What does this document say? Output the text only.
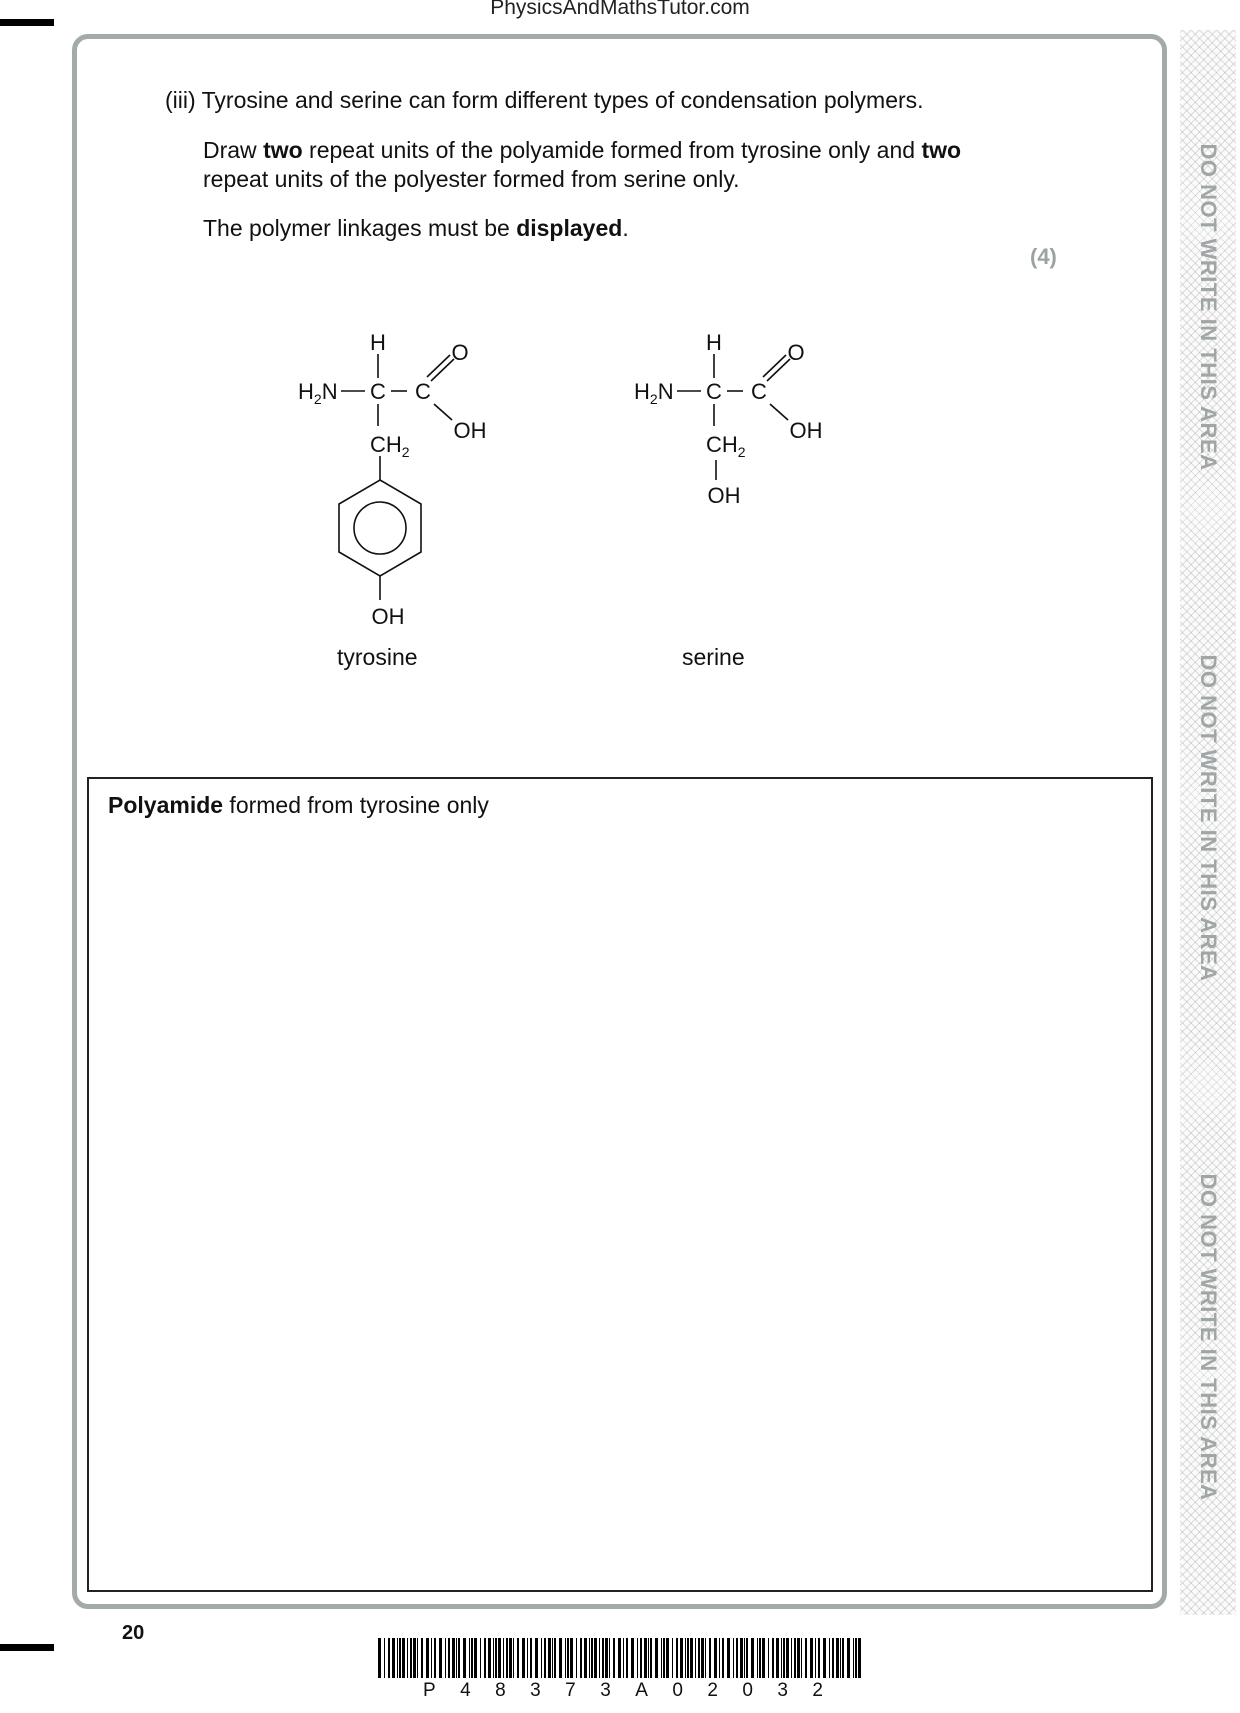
PhysicsAndMathsTutor.com
(iii) Tyrosine and serine can form different types of condensation polymers.
Draw two repeat units of the polyamide formed from tyrosine only and two
repeat units of the polyester formed from serine only.
The polymer linkages must be displayed.
(4)
H
$H_2N$ C C
O
OH
$CH_2$
OH
H
$H_2N$ C C
O
OH
$CH_2$
OH
tyrosine	serine
Polyamide formed from tyrosine only
DO NOT WRITE IN THIS AREA
DO NOT WRITE IN THIS AREA
DO NOT WRITE IN THIS AREA
20
P 4 8 3 7 3 A 0 2 0 3 2
